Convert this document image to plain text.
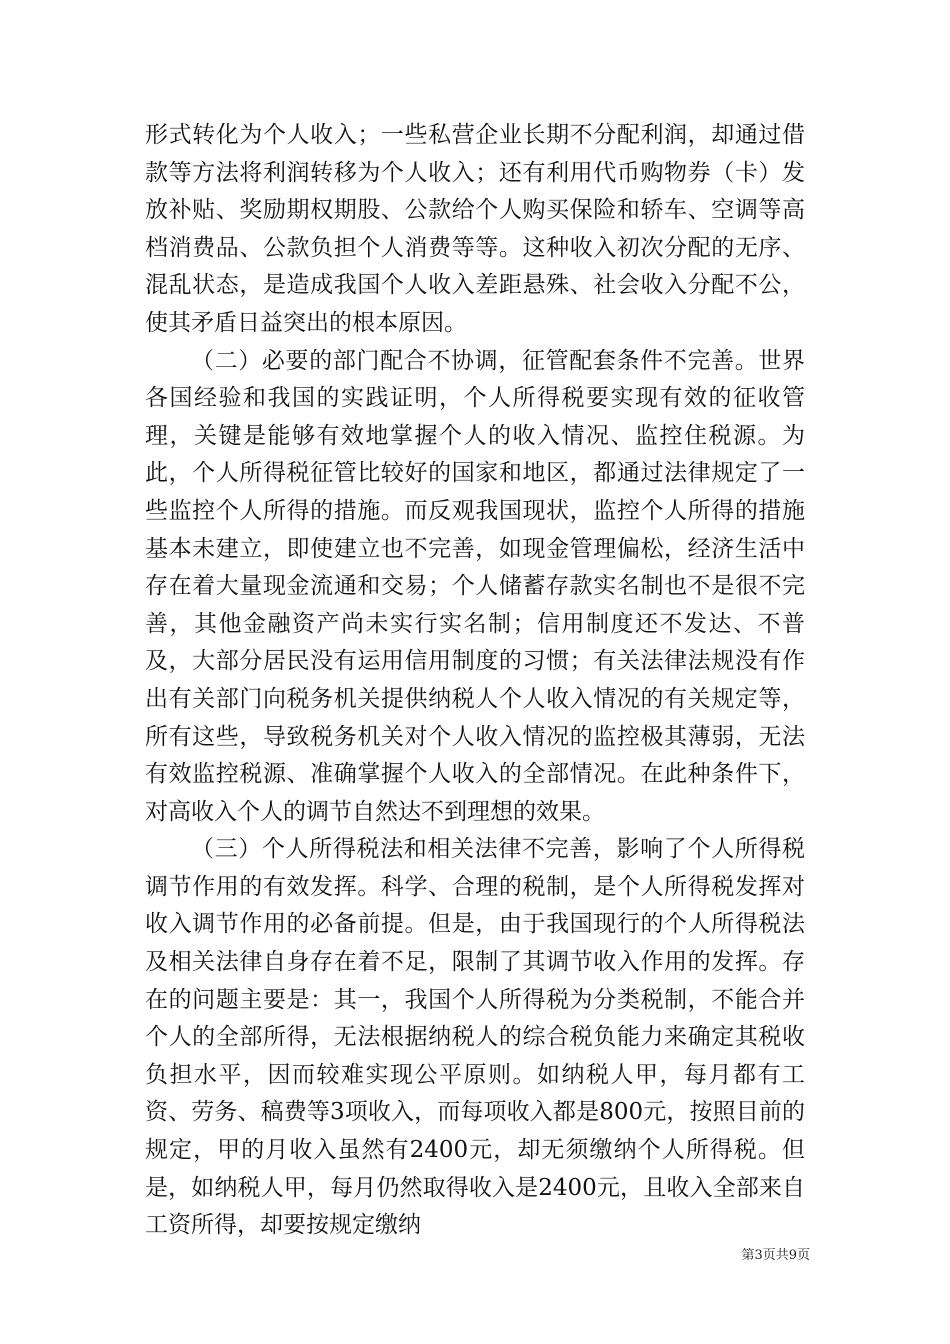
形式转化为个人收入；一些私营企业长期不分配利润，却通过借款等方法将利润转移为个人收入；还有利用代币购物券（卡）发放补贴、奖励期权期股、公款给个人购买保险和轿车、空调等高档消费品、公款负担个人消费等等。这种收入初次分配的无序、混乱状态，是造成我国个人收入差距悬殊、社会收入分配不公，使其矛盾日益突出的根本原因。

（二）必要的部门配合不协调，征管配套条件不完善。世界各国经验和我国的实践证明，个人所得税要实现有效的征收管理，关键是能够有效地掌握个人的收入情况、监控住税源。为此，个人所得税征管比较好的国家和地区，都通过法律规定了一些监控个人所得的措施。而反观我国现状，监控个人所得的措施基本未建立，即使建立也不完善，如现金管理偏松，经济生活中存在着大量现金流通和交易；个人储蓄存款实名制也不是很不完善，其他金融资产尚未实行实名制；信用制度还不发达、不普及，大部分居民没有运用信用制度的习惯；有关法律法规没有作出有关部门向税务机关提供纳税人个人收入情况的有关规定等，所有这些，导致税务机关对个人收入情况的监控极其薄弱，无法有效监控税源、准确掌握个人收入的全部情况。在此种条件下，对高收入个人的调节自然达不到理想的效果。

（三）个人所得税法和相关法律不完善，影响了个人所得税调节作用的有效发挥。科学、合理的税制，是个人所得税发挥对收入调节作用的必备前提。但是，由于我国现行的个人所得税法及相关法律自身存在着不足，限制了其调节收入作用的发挥。存在的问题主要是：其一，我国个人所得税为分类税制，不能合并个人的全部所得，无法根据纳税人的综合税负能力来确定其税收负担水平，因而较难实现公平原则。如纳税人甲，每月都有工资、劳务、稿费等3项收入，而每项收入都是800元，按照目前的规定，甲的月收入虽然有2400元，却无须缴纳个人所得税。但是，如纳税人甲，每月仍然取得收入是2400元，且收入全部来自工资所得，却要按规定缴纳

第3页共9页
